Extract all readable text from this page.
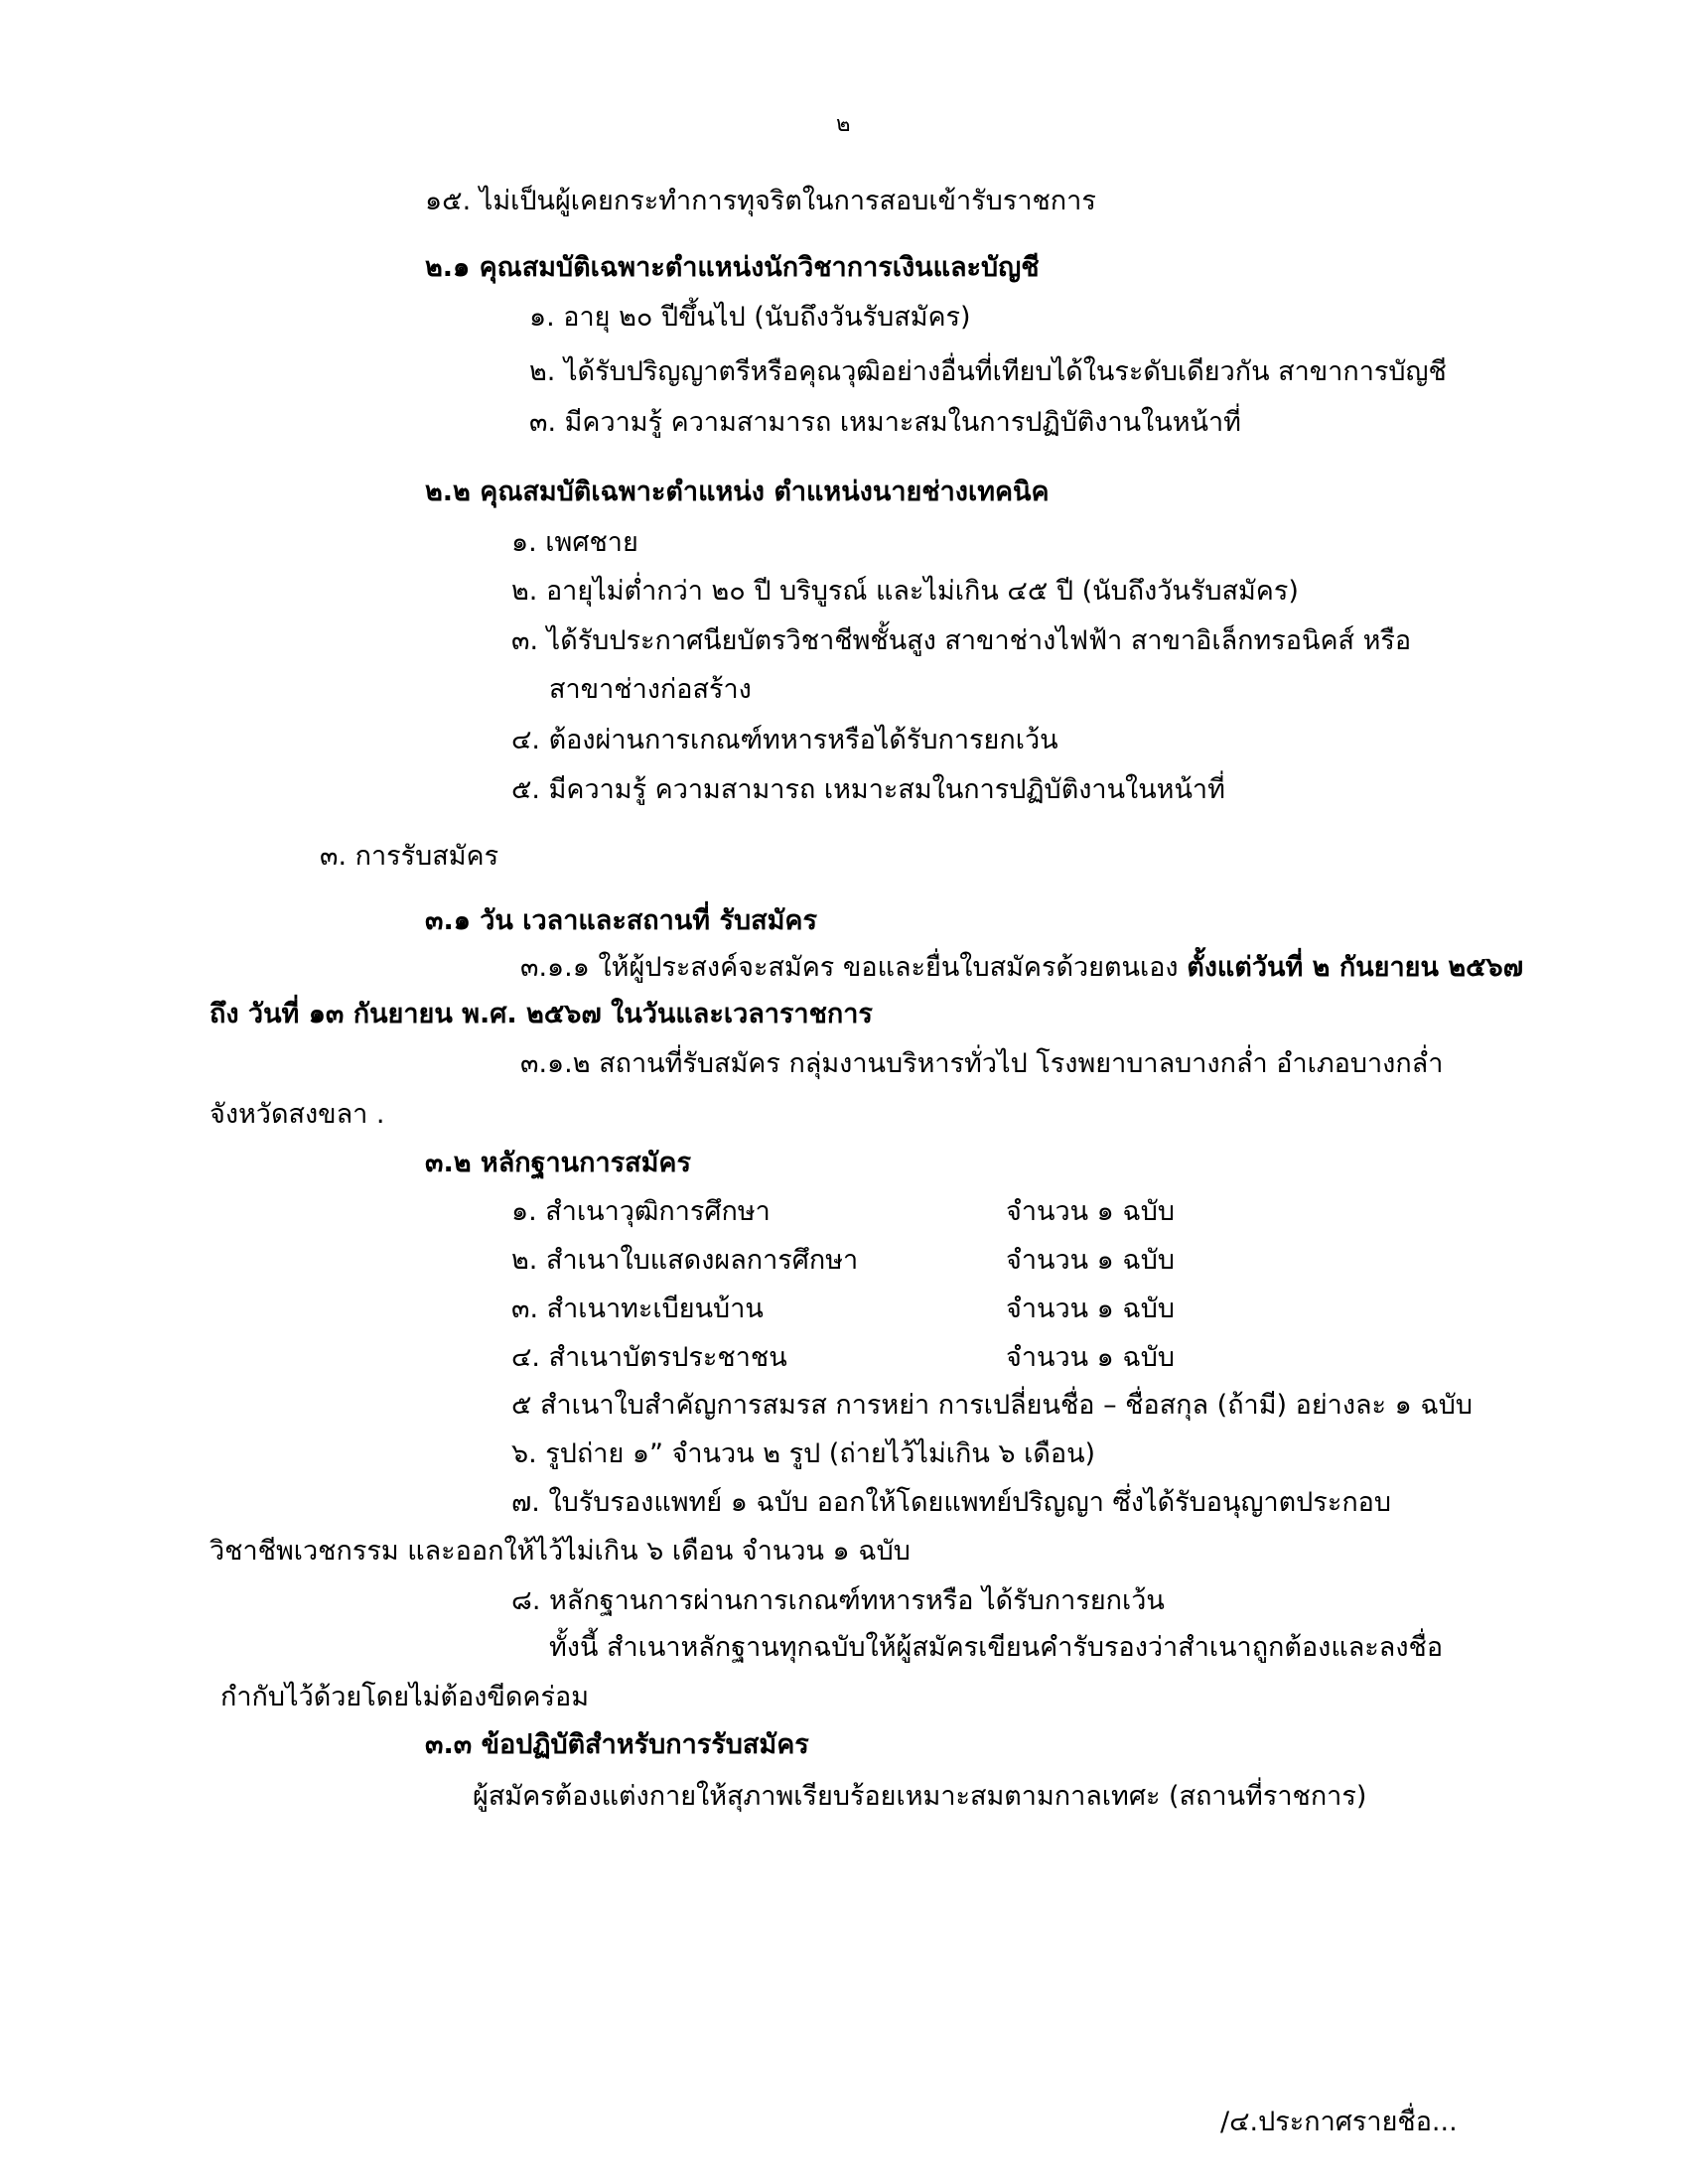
๒
๑๕. ไม่เป็นผู้เคยกระทำการทุจริตในการสอบเข้ารับราชการ
๒.๑ คุณสมบัติเฉพาะตำแหน่งนักวิชาการเงินและบัญชี
๑. อายุ ๒๐ ปีขึ้นไป (นับถึงวันรับสมัคร)
๒. ได้รับปริญญาตรีหรือคุณวุฒิอย่างอื่นที่เทียบได้ในระดับเดียวกัน สาขาการบัญชี
๓. มีความรู้ ความสามารถ เหมาะสมในการปฏิบัติงานในหน้าที่
๒.๒ คุณสมบัติเฉพาะตำแหน่ง ตำแหน่งนายช่างเทคนิค
๑. เพศชาย
๒. อายุไม่ต่ำกว่า ๒๐ ปี บริบูรณ์ และไม่เกิน ๔๕ ปี (นับถึงวันรับสมัคร)
๓. ได้รับประกาศนียบัตรวิชาชีพชั้นสูง สาขาช่างไฟฟ้า สาขาอิเล็กทรอนิคส์ หรือ
สาขาช่างก่อสร้าง
๔. ต้องผ่านการเกณฑ์ทหารหรือได้รับการยกเว้น
๕. มีความรู้ ความสามารถ เหมาะสมในการปฏิบัติงานในหน้าที่
๓. การรับสมัคร
๓.๑ วัน เวลาและสถานที่ รับสมัคร
๓.๑.๑ ให้ผู้ประสงค์จะสมัคร ขอและยื่นใบสมัครด้วยตนเอง ตั้งแต่วันที่ ๒ กันยายน ๒๕๖๗
ถึง วันที่ ๑๓ กันยายน พ.ศ. ๒๕๖๗ ในวันและเวลาราชการ
๓.๑.๒ สถานที่รับสมัคร กลุ่มงานบริหารทั่วไป โรงพยาบาลบางกล่ำ อำเภอบางกล่ำ
จังหวัดสงขลา .
๓.๒ หลักฐานการสมัคร
๑. สำเนาวุฒิการศึกษา	จำนวน ๑ ฉบับ
๒. สำเนาใบแสดงผลการศึกษา	จำนวน ๑ ฉบับ
๓. สำเนาทะเบียนบ้าน	จำนวน ๑ ฉบับ
๔. สำเนาบัตรประชาชน	จำนวน ๑ ฉบับ
๕ สำเนาใบสำคัญการสมรส การหย่า การเปลี่ยนชื่อ – ชื่อสกุล (ถ้ามี) อย่างละ ๑ ฉบับ
๖. รูปถ่าย ๑” จำนวน ๒ รูป (ถ่ายไว้ไม่เกิน ๖ เดือน)
๗. ใบรับรองแพทย์ ๑ ฉบับ ออกให้โดยแพทย์ปริญญา ซึ่งได้รับอนุญาตประกอบ
วิชาชีพเวชกรรม และออกให้ไว้ไม่เกิน ๖ เดือน จำนวน ๑ ฉบับ
๘. หลักฐานการผ่านการเกณฑ์ทหารหรือ ได้รับการยกเว้น
ทั้งนี้ สำเนาหลักฐานทุกฉบับให้ผู้สมัครเขียนคำรับรองว่าสำเนาถูกต้องและลงชื่อ
กำกับไว้ด้วยโดยไม่ต้องขีดคร่อม
๓.๓ ข้อปฏิบัติสำหรับการรับสมัคร
ผู้สมัครต้องแต่งกายให้สุภาพเรียบร้อยเหมาะสมตามกาลเทศะ (สถานที่ราชการ)
/๔.ประกาศรายชื่อ...
